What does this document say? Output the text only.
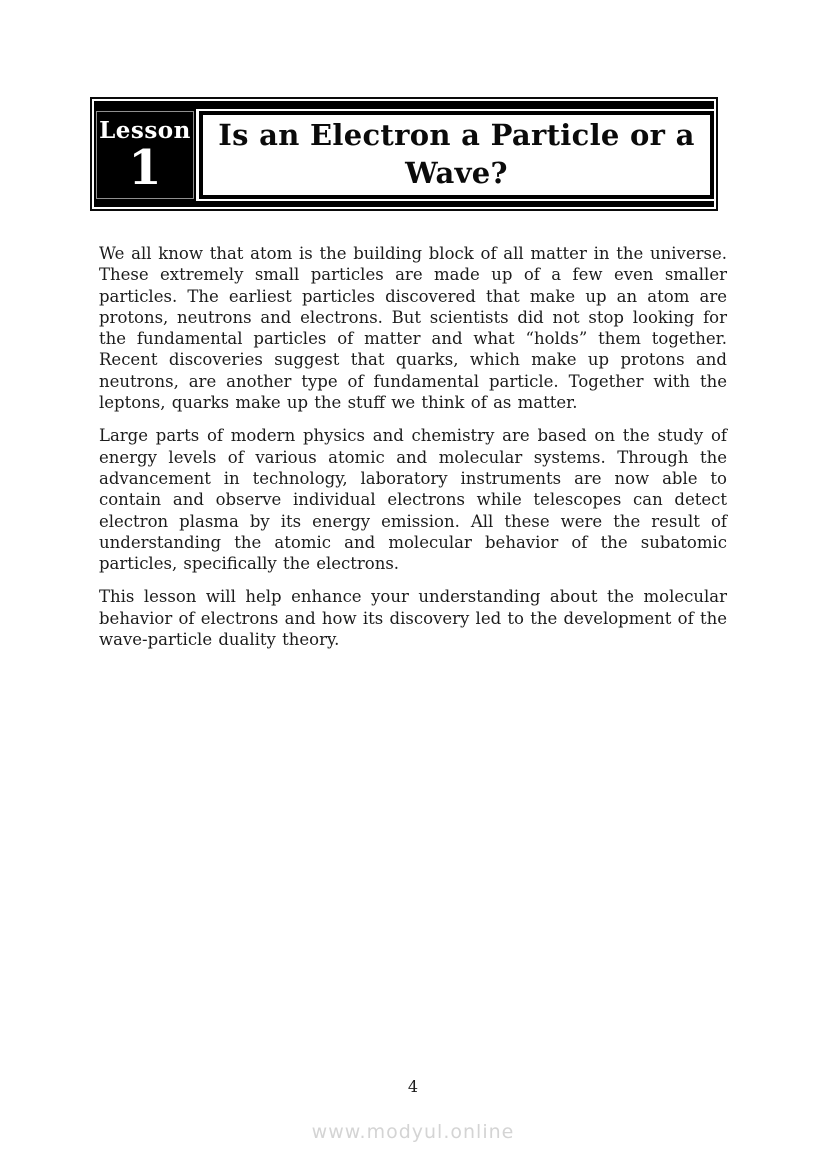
Lesson
1
Is an Electron a Particle or a Wave?

We all know that atom is the building block of all matter in the universe. These extremely small particles are made up of a few even smaller particles. The earliest particles discovered that make up an atom are protons, neutrons and electrons. But scientists did not stop looking for the fundamental particles of matter and what “holds” them together. Recent discoveries suggest that quarks, which make up protons and neutrons, are another type of fundamental particle. Together with the leptons, quarks make up the stuff we think of as matter.

Large parts of modern physics and chemistry are based on the study of energy levels of various atomic and molecular systems. Through the advancement in technology, laboratory instruments are now able to contain and observe individual electrons while telescopes can detect electron plasma by its energy emission. All these were the result of understanding the atomic and molecular behavior of the subatomic particles, specifically the electrons.

This lesson will help enhance your understanding about the molecular behavior of electrons and how its discovery led to the development of the wave-particle duality theory.

4
www.modyul.online
